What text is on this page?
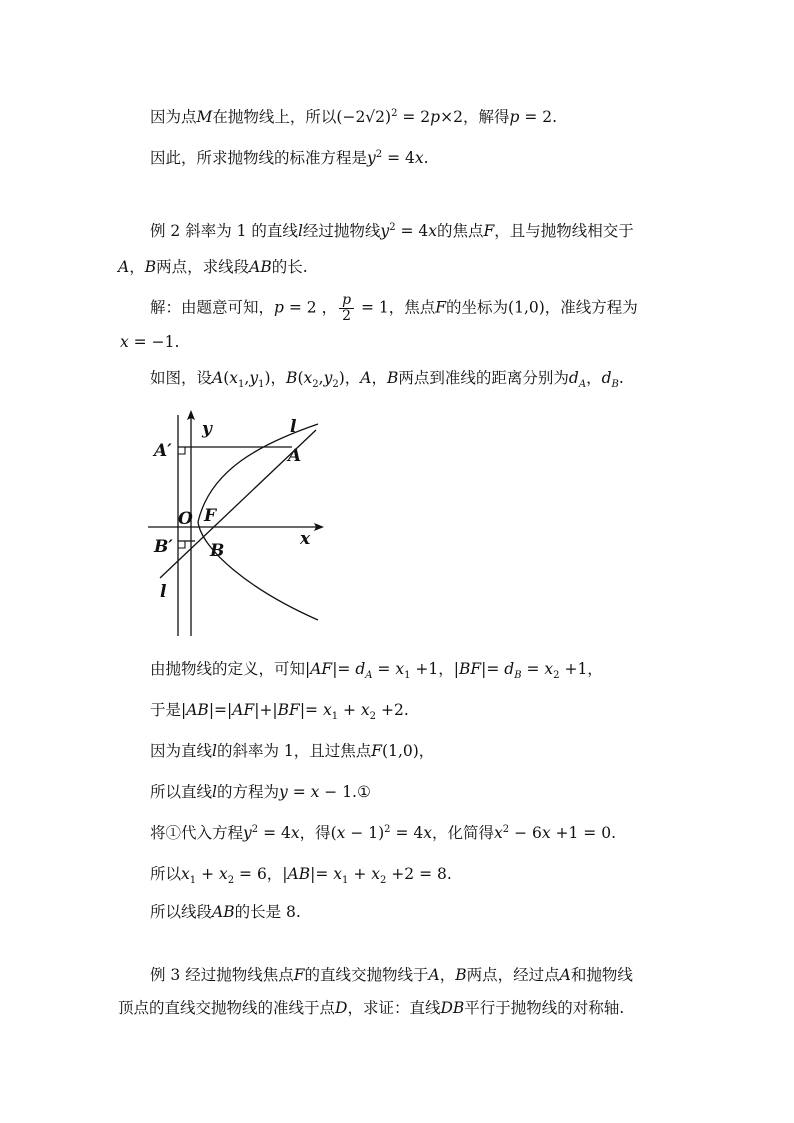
因为点M在抛物线上，所以$(-2√2)^2 = 2p\times 2$，解得p = 2.
因此，所求抛物线的标准方程是$y^2 = 4x$.
例 2 斜率为 1 的直线l经过抛物线$y^2 = 4x$的焦点F，且与抛物线相交于
A，B两点，求线段AB的长.
解：由题意可知，p = 2 ， $\frac{p}{2} = 1$，焦点F的坐标为(1,0)，准线方程为
x = −1.
如图，设$A(x_1,y_1)$，$B(x_2,y_2)$，A，B两点到准线的距离分别为$d_A$，$d_B$.
y	l
A′	A
O F
x
B′ B
l
由抛物线的定义，可知$|AF|= d_A = x_1 +1$，$|BF|= d_B = x_2 +1$，
于是$|AB|=|AF|+|BF|= x_1 + x_2 +2$.
因为直线l的斜率为 1，且过焦点F(1,0)，
所以直线l的方程为y = x − 1.①
将①代入方程$y^2 = 4x$，得$(x - 1)^2 = 4x$，化简得$x^2 - 6x +1 = 0$.
所以$x_1 + x_2 = 6$，$|AB|= x_1 + x_2 +2 = 8$.
所以线段AB的长是 8.
例 3 经过抛物线焦点F的直线交抛物线于A，B两点，经过点A和抛物线
顶点的直线交抛物线的准线于点D，求证：直线DB平行于抛物线的对称轴.
